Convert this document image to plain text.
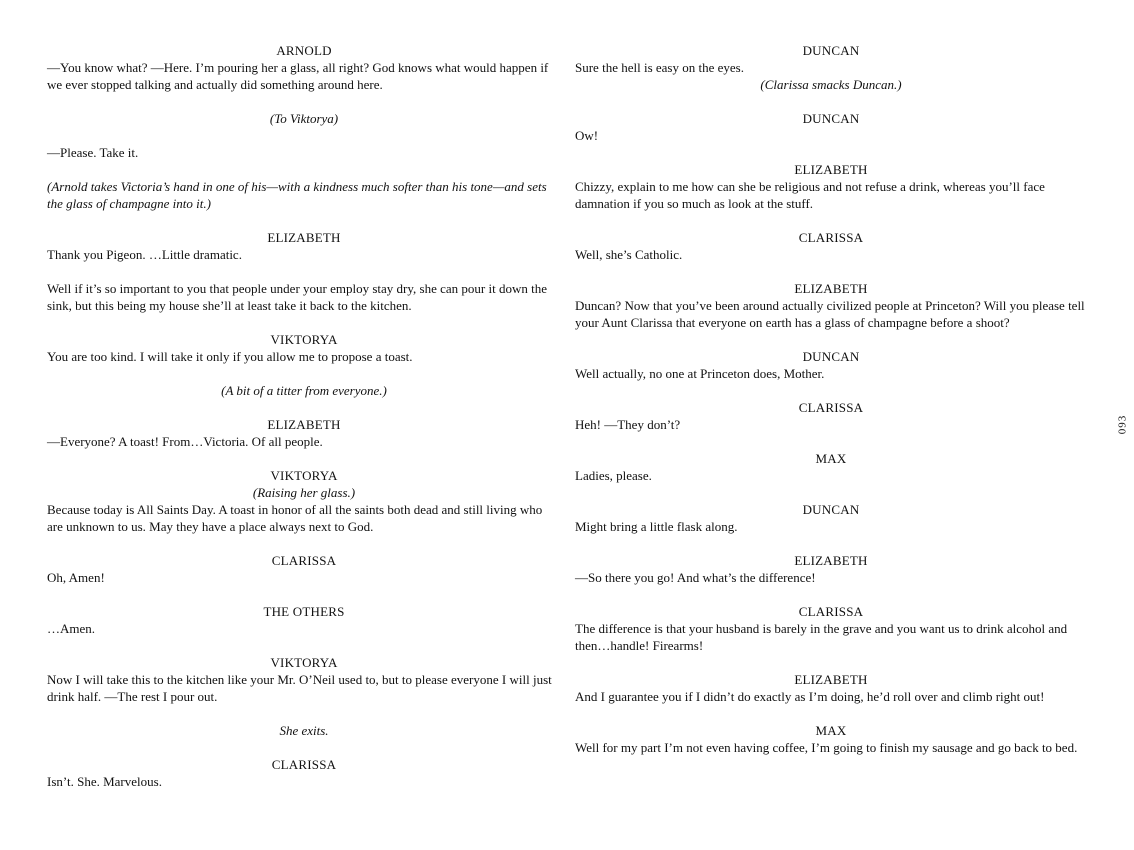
ARNOLD
—You know what? —Here. I’m pouring her a glass, all right? God knows what would happen if we ever stopped talking and actually did something around here.
(To Viktorya)
—Please. Take it.
(Arnold takes Victoria’s hand in one of his—with a kindness much softer than his tone—and sets the glass of champagne into it.)
ELIZABETH
Thank you Pigeon. …Little dramatic.
Well if it’s so important to you that people under your employ stay dry, she can pour it down the sink, but this being my house she’ll at least take it back to the kitchen.
VIKTORYA
You are too kind. I will take it only if you allow me to propose a toast.
(A bit of a titter from everyone.)
ELIZABETH
—Everyone? A toast! From…Victoria. Of all people.
VIKTORYA
(Raising her glass.)
Because today is All Saints Day. A toast in honor of all the saints both dead and still living who are unknown to us. May they have a place always next to God.
CLARISSA
Oh, Amen!
THE OTHERS
…Amen.
VIKTORYA
Now I will take this to the kitchen like your Mr. O’Neil used to, but to please everyone I will just drink half. —The rest I pour out.
She exits.
CLARISSA
Isn’t. She. Marvelous.
DUNCAN
Sure the hell is easy on the eyes.
(Clarissa smacks Duncan.)
DUNCAN
Ow!
ELIZABETH
Chizzy, explain to me how can she be religious and not refuse a drink, whereas you’ll face damnation if you so much as look at the stuff.
CLARISSA
Well, she’s Catholic.
ELIZABETH
Duncan? Now that you’ve been around actually civilized people at Princeton? Will you please tell your Aunt Clarissa that everyone on earth has a glass of champagne before a shoot?
DUNCAN
Well actually, no one at Princeton does, Mother.
CLARISSA
Heh! —They don’t?
MAX
Ladies, please.
DUNCAN
Might bring a little flask along.
ELIZABETH
—So there you go! And what’s the difference!
CLARISSA
The difference is that your husband is barely in the grave and you want us to drink alcohol and then…handle! Firearms!
ELIZABETH
And I guarantee you if I didn’t do exactly as I’m doing, he’d roll over and climb right out!
MAX
Well for my part I’m not even having coffee, I’m going to finish my sausage and go back to bed.
093
